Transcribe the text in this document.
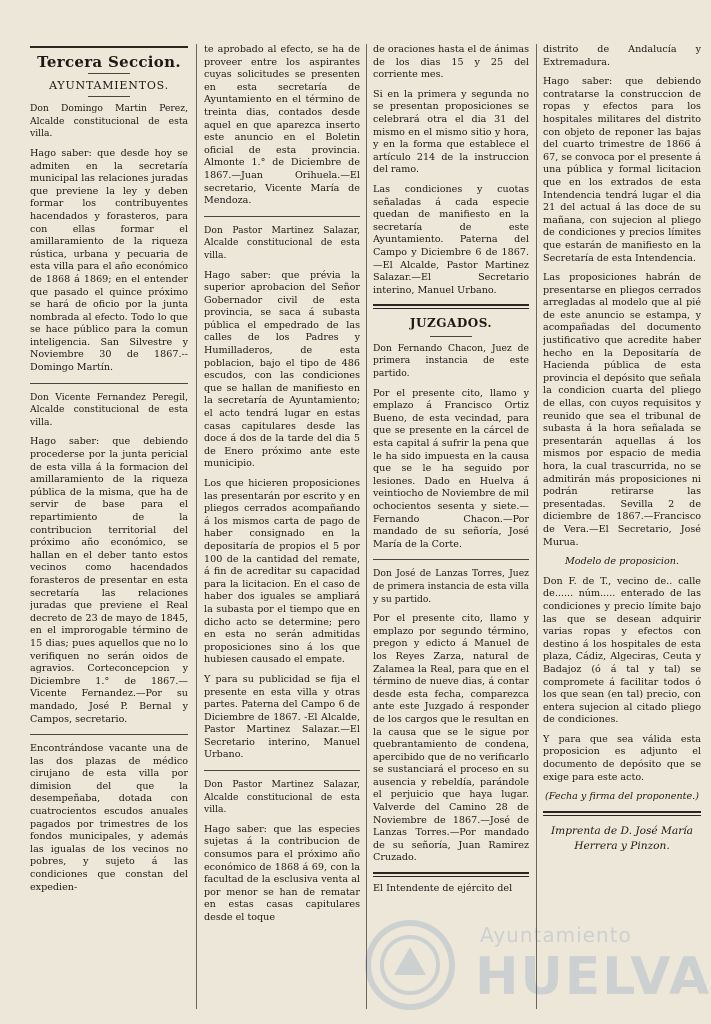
Tercera Seccion.
AYUNTAMIENTOS.

Don Domingo Martin Perez, Alcalde constitucional de esta villa.

Hago saber: que desde hoy se admiten en la secretaría municipal las relaciones juradas que previene la ley y deben formar los contribuyentes hacendados y forasteros, para con ellas formar el amillaramiento de la riqueza rústica, urbana y pecuaria de esta villa para el año económico de 1868 á 1869; en el entender que pasado el quince próximo se hará de oficio por la junta nombrada al efecto. Todo lo que se hace público para la comun inteligencia. San Silvestre y Noviembre 30 de 1867.--Domingo Martín.

Don Vicente Fernandez Peregil, Alcalde constitucional de esta villa.

Hago saber: que debiendo procederse por la junta pericial de esta villa á la formacion del amillaramiento de la riqueza pública de la misma, que ha de servir de base para el repartimiento de la contribucion territorial del próximo año económico, se hallan en el deber tanto estos vecinos como hacendados forasteros de presentar en esta secretaría las relaciones juradas que previene el Real decreto de 23 de mayo de 1845, en el improrogable término de 15 dias; pues aquellos que no lo verifiquen no serán oidos de agravios. Corteconcepcion y Diciembre 1.° de 1867.—Vicente Fernandez.—Por su mandado, José P. Bernal y Campos, secretario.

Encontrándose vacante una de las dos plazas de médico cirujano de esta villa por dimision del que la desempeñaba, dotada con cuatrocientos escudos anuales pagados por trimestres de los fondos municipales, y además las igualas de los vecinos no pobres, y sujeto á las condiciones que constan del expedien-

te aprobado al efecto, se ha de proveer entre los aspirantes cuyas solicitudes se presenten en esta secretaría de Ayuntamiento en el término de treinta dias, contados desde aquel en que aparezca inserto este anuncio en el Boletin oficial de esta provincia. Almonte 1.° de Diciembre de 1867.—Juan Orihuela.—El secretario, Vicente María de Mendoza.

Don Pastor Martinez Salazar, Alcalde constitucional de esta villa.

Hago saber: que prévia la superior aprobacion del Señor Gobernador civil de esta provincia, se saca á subasta pública el empedrado de las calles de los Padres y Humilladeros, de esta poblacion, bajo el tipo de 486 escudos, con las condiciones que se hallan de manifiesto en la secretaría de Ayuntamiento; el acto tendrá lugar en estas casas capitulares desde las doce á dos de la tarde del dia 5 de Enero próximo ante este municipio.

Los que hicieren proposiciones las presentarán por escrito y en pliegos cerrados acompañando á los mismos carta de pago de haber consignado en la depositaría de propios el 5 por 100 de la cantidad del remate, á fin de acreditar su capacidad para la licitacion. En el caso de haber dos iguales se ampliará la subasta por el tiempo que en dicho acto se determine; pero en esta no serán admitidas proposiciones sino á los que hubiesen causado el empate.

Y para su publicidad se fija el presente en esta villa y otras partes. Paterna del Campo 6 de Diciembre de 1867. -El Alcalde, Pastor Martinez Salazar.—El Secretario interino, Manuel Urbano.

Don Pastor Martinez Salazar, Alcalde constitucional de esta villa.

Hago saber: que las especies sujetas á la contribucion de consumos para el próximo año económico de 1868 á 69, con la facultad de la esclusiva venta al por menor se han de rematar en estas casas capitulares desde el toque

de oraciones hasta el de ánimas de los dias 15 y 25 del corriente mes.

Si en la primera y segunda no se presentan proposiciones se celebrará otra el dia 31 del mismo en el mismo sitio y hora, y en la forma que establece el artículo 214 de la instruccion del ramo.

Las condiciones y cuotas señaladas á cada especie quedan de manifiesto en la secretaría de este Ayuntamiento. Paterna del Campo y Diciembre 6 de 1867. —El Alcalde, Pastor Martinez Salazar.—El Secretario interino, Manuel Urbano.

JUZGADOS.

Don Fernando Chacon, Juez de primera instancia de este partido.

Por el presente cito, llamo y emplazo á Francisco Ortiz Bueno, de esta vecindad, para que se presente en la cárcel de esta capital á sufrir la pena que le ha sido impuesta en la causa que se le ha seguido por lesiones. Dado en Huelva á veintiocho de Noviembre de mil ochocientos sesenta y siete.—Fernando Chacon.—Por mandado de su señoría, José María de la Corte.

Don José de Lanzas Torres, Juez de primera instancia de esta villa y su partido.

Por el presente cito, llamo y emplazo por segundo término, pregon y edicto á Manuel de los Reyes Zarza, natural de Zalamea la Real, para que en el término de nueve dias, á contar desde esta fecha, comparezca ante este Juzgado á responder de los cargos que le resultan en la causa que se le sigue por quebrantamiento de condena, apercibido que de no verificarlo se sustanciará el proceso en su ausencia y rebeldía, parándole el perjuicio que haya lugar. Valverde del Camino 28 de Noviembre de 1867.—José de Lanzas Torres.—Por mandado de su señoría, Juan Ramirez Cruzado.

El Intendente de ejército del

distrito de Andalucía y Extremadura.

Hago saber: que debiendo contratarse la construccion de ropas y efectos para los hospitales militares del distrito con objeto de reponer las bajas del cuarto trimestre de 1866 á 67, se convoca por el presente á una pública y formal licitacion que en los extrados de esta Intendencia tendrá lugar el dia 21 del actual á las doce de su mañana, con sujecion al pliego de condiciones y precios límites que estarán de manifiesto en la Secretaría de esta Intendencia.

Las proposiciones habrán de presentarse en pliegos cerrados arregladas al modelo que al pié de este anuncio se estampa, y acompañadas del documento justificativo que acredite haber hecho en la Depositaría de Hacienda pública de esta provincia el depósito que señala la condicion cuarta del pliego de ellas, con cuyos requisitos y reunido que sea el tribunal de subasta á la hora señalada se presentarán aquellas á los mismos por espacio de media hora, la cual trascurrida, no se admitirán más proposiciones ni podrán retirarse las presentadas. Sevilla 2 de diciembre de 1867.—Francisco de Vera.—El Secretario, José Murua.

Modelo de proposicion.

Don F. de T., vecino de.. calle de...... núm..... enterado de las condiciones y precio límite bajo las que se desean adquirir varias ropas y efectos con destino á los hospitales de esta plaza, Cádiz, Algeciras, Ceuta y Badajoz (ó á tal y tal) se compromete á facilitar todos ó los que sean (en tal) precio, con entera sujecion al citado pliego de condiciones.

Y para que sea válida esta proposicion es adjunto el documento de depósito que se exige para este acto.

(Fecha y firma del proponente.)

Imprenta de D. José María
Herrera y Pinzon.
Ayuntamiento
HUELVA
